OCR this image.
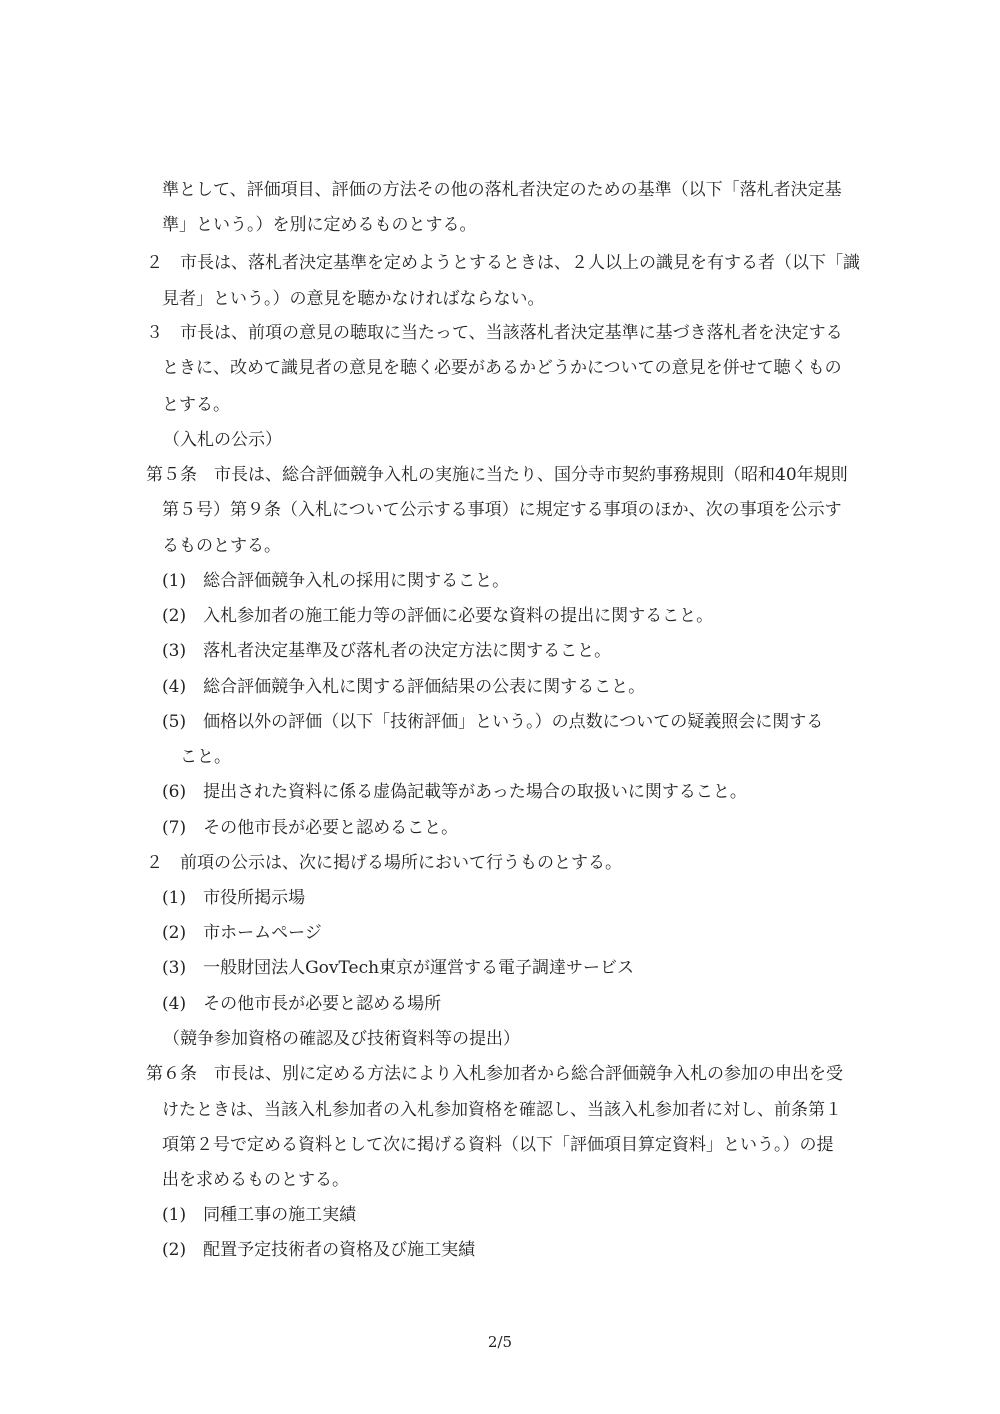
準として、評価項目、評価の方法その他の落札者決定のための基準（以下「落札者決定基
準」という。）を別に定めるものとする。
２　市長は、落札者決定基準を定めようとするときは、２人以上の識見を有する者（以下「識
見者」という。）の意見を聴かなければならない。
３　市長は、前項の意見の聴取に当たって、当該落札者決定基準に基づき落札者を決定する
ときに、改めて識見者の意見を聴く必要があるかどうかについての意見を併せて聴くもの
とする。
（入札の公示）
第５条　市長は、総合評価競争入札の実施に当たり、国分寺市契約事務規則（昭和40年規則
第５号）第９条（入札について公示する事項）に規定する事項のほか、次の事項を公示す
るものとする。
(1)　総合評価競争入札の採用に関すること。
(2)　入札参加者の施工能力等の評価に必要な資料の提出に関すること。
(3)　落札者決定基準及び落札者の決定方法に関すること。
(4)　総合評価競争入札に関する評価結果の公表に関すること。
(5)　価格以外の評価（以下「技術評価」という。）の点数についての疑義照会に関する
こと。
(6)　提出された資料に係る虚偽記載等があった場合の取扱いに関すること。
(7)　その他市長が必要と認めること。
２　前項の公示は、次に掲げる場所において行うものとする。
(1)　市役所掲示場
(2)　市ホームページ
(3)　一般財団法人GovTech東京が運営する電子調達サービス
(4)　その他市長が必要と認める場所
（競争参加資格の確認及び技術資料等の提出）
第６条　市長は、別に定める方法により入札参加者から総合評価競争入札の参加の申出を受
けたときは、当該入札参加者の入札参加資格を確認し、当該入札参加者に対し、前条第１
項第２号で定める資料として次に掲げる資料（以下「評価項目算定資料」という。）の提
出を求めるものとする。
(1)　同種工事の施工実績
(2)　配置予定技術者の資格及び施工実績
2/5
